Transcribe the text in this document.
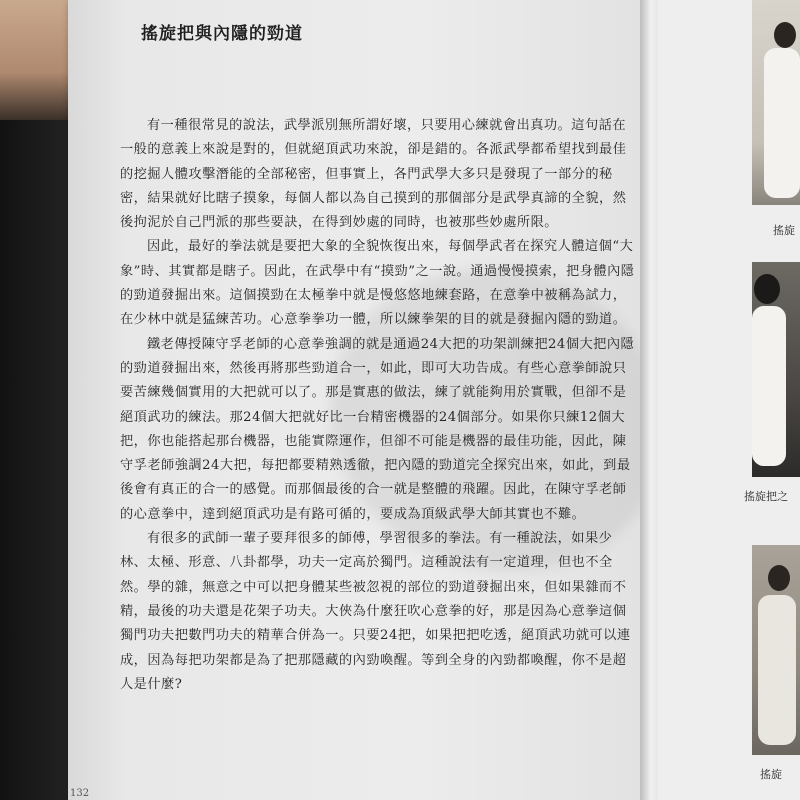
搖旋把與內隱的勁道

有一種很常見的說法，武學派別無所謂好壞，只要用心練就會出真功。這句話在一般的意義上來說是對的，但就絕頂武功來說，卻是錯的。各派武學都希望找到最佳的挖掘人體攻擊潛能的全部秘密，但事實上，各門武學大多只是發現了一部分的秘密，結果就好比瞎子摸象，每個人都以為自己摸到的那個部分是武學真諦的全貌，然後拘泥於自己門派的那些要訣，在得到妙處的同時，也被那些妙處所限。

因此，最好的拳法就是要把大象的全貌恢復出來，每個學武者在探究人體這個“大象”時、其實都是瞎子。因此，在武學中有“摸勁”之一說。通過慢慢摸索，把身體內隱的勁道發掘出來。這個摸勁在太極拳中就是慢悠悠地練套路，在意拳中被稱為試力，在少林中就是猛練苦功。心意拳拳功一體，所以練拳架的目的就是發掘內隱的勁道。

鐵老傳授陳守孚老師的心意拳強調的就是通過24大把的功架訓練把24個大把內隱的勁道發掘出來，然後再將那些勁道合一，如此，即可大功告成。有些心意拳師說只要苦練幾個實用的大把就可以了。那是實惠的做法，練了就能夠用於實戰，但卻不是絕頂武功的練法。那24個大把就好比一台精密機器的24個部分。如果你只練12個大把，你也能搭起那台機器，也能實際運作，但卻不可能是機器的最佳功能，因此，陳守孚老師強調24大把，每把都要精熟透徹，把內隱的勁道完全探究出來，如此，到最後會有真正的合一的感覺。而那個最後的合一就是整體的飛躍。因此，在陳守孚老師的心意拳中，達到絕頂武功是有路可循的，要成為頂級武學大師其實也不難。

有很多的武師一輩子要拜很多的師傅，學習很多的拳法。有一種說法，如果少林、太極、形意、八卦都學，功夫一定高於獨門。這種說法有一定道理，但也不全然。學的雜，無意之中可以把身體某些被忽視的部位的勁道發掘出來，但如果雜而不精，最後的功夫還是花架子功夫。大俠為什麼狂吹心意拳的好，那是因為心意拳這個獨門功夫把數門功夫的精華合併為一。只要24把，如果把把吃透，絕頂武功就可以連成，因為每把功架都是為了把那隱藏的內勁喚醒。等到全身的內勁都喚醒，你不是超人是什麼?

132
搖旋
搖旋把之
搖旋
